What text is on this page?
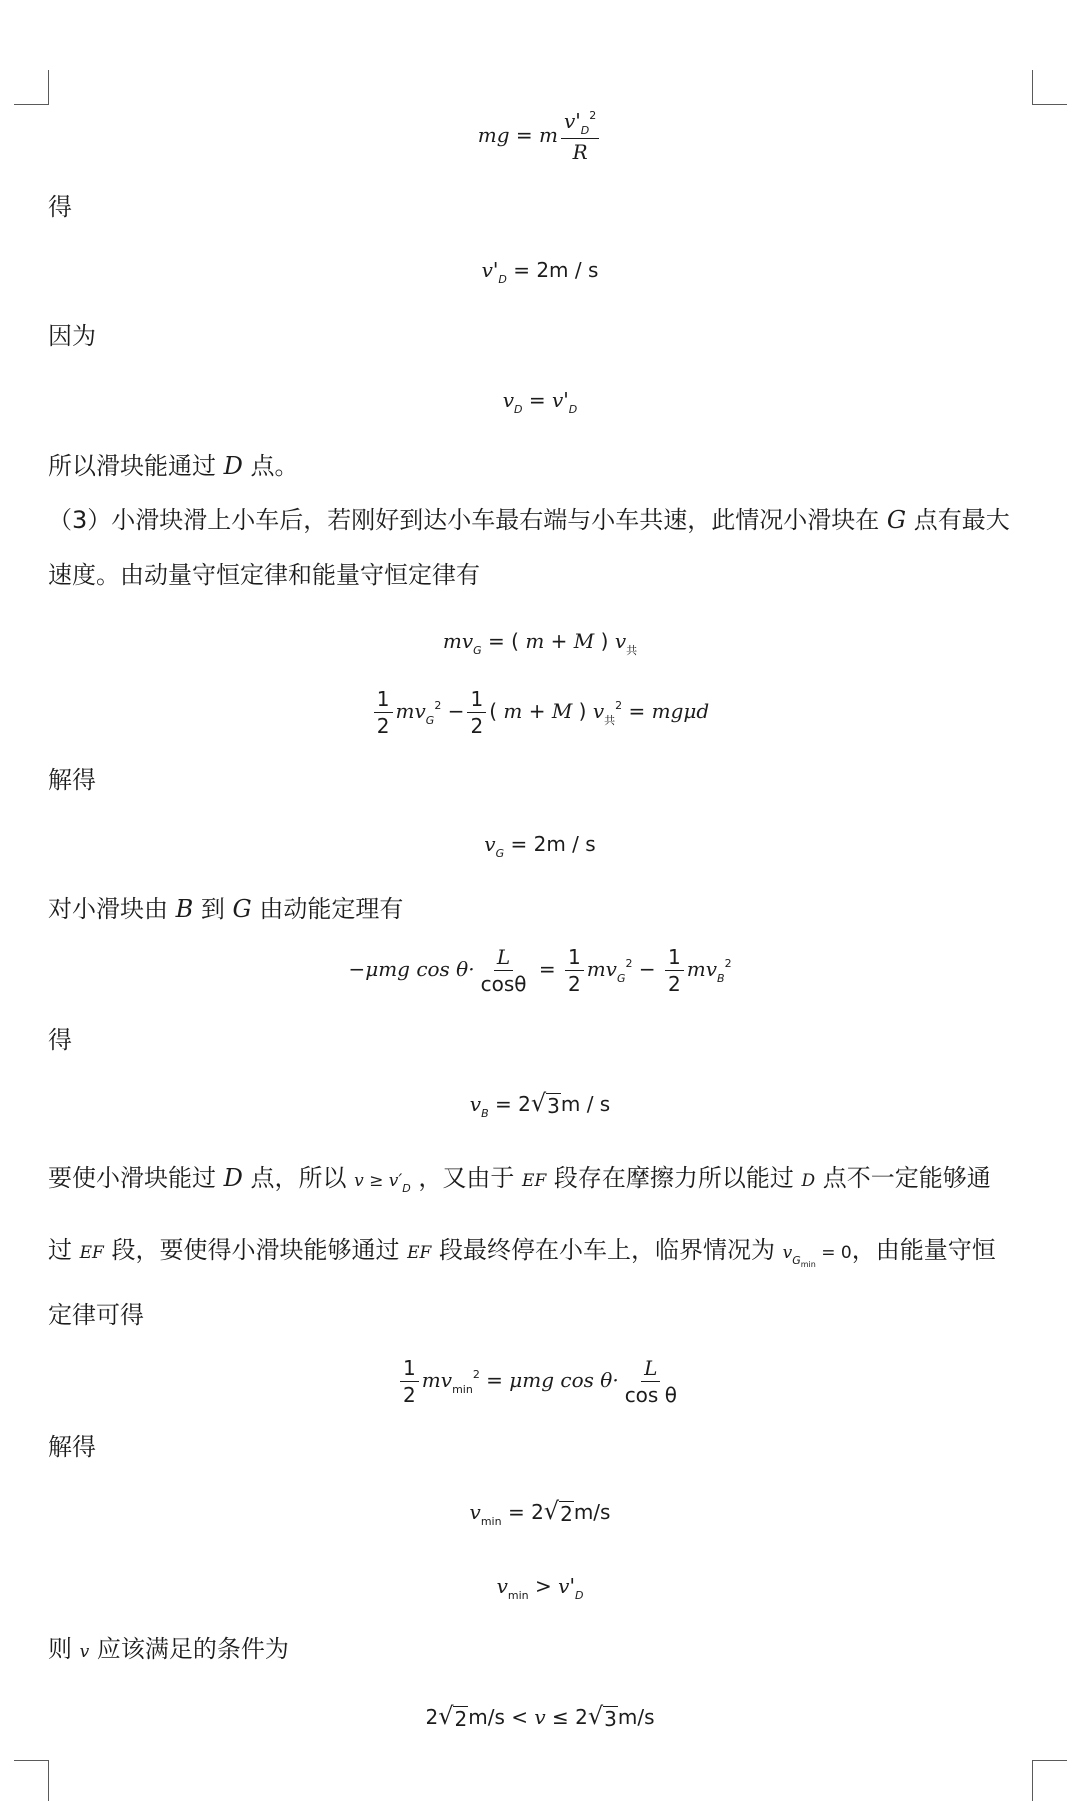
mg = m $\frac{v'_D^2}{R}$
得
$v'_D = 2m / s$
因为
$v_D = v'_D$
所以滑块能通过 D 点。
（3）小滑块滑上小车后，若刚好到达小车最右端与小车共速，此情况小滑块在 G 点有最大
速度。由动量守恒定律和能量守恒定律有
$mv_G$ = ( m + M ) $v_共$
$\frac{1}{2} mv_G^2 - \frac{1}{2}$ ( m + M ) $v_共^2 = mg\mu d$
解得
$v_G = 2m / s$
对小滑块由 B 到 G 由动能定理有
−μmg $\cos \theta\cdot \frac{L}{\cos\theta} = \frac{1}{2} mv_G^2 - \frac{1}{2} mv_B^2$
得
$v_B = 2$ √ 3 m / s
要使小滑块能过 D 点，所以 $v \ge v'_D$ ，又由于 EF 段存在摩擦力所以能过 D 点不一定能够通
过 EF 段，要使得小滑块能够通过 EF 段最终停在小车上，临界情况为 $v_{G_{min}} = 0$，由能量守恒
定律可得
$\frac{1}{2} mv_{min}^2 = \mu mg$ $\cos \theta\cdot \frac{L}{\text{cos θ}}$
解得
$v_{min} = 2$ √ 2 m/s
$v_{min} > v'_D$
则 v 应该满足的条件为
2 √ 2 m/s < v ≤ 2 √ 3 m/s
